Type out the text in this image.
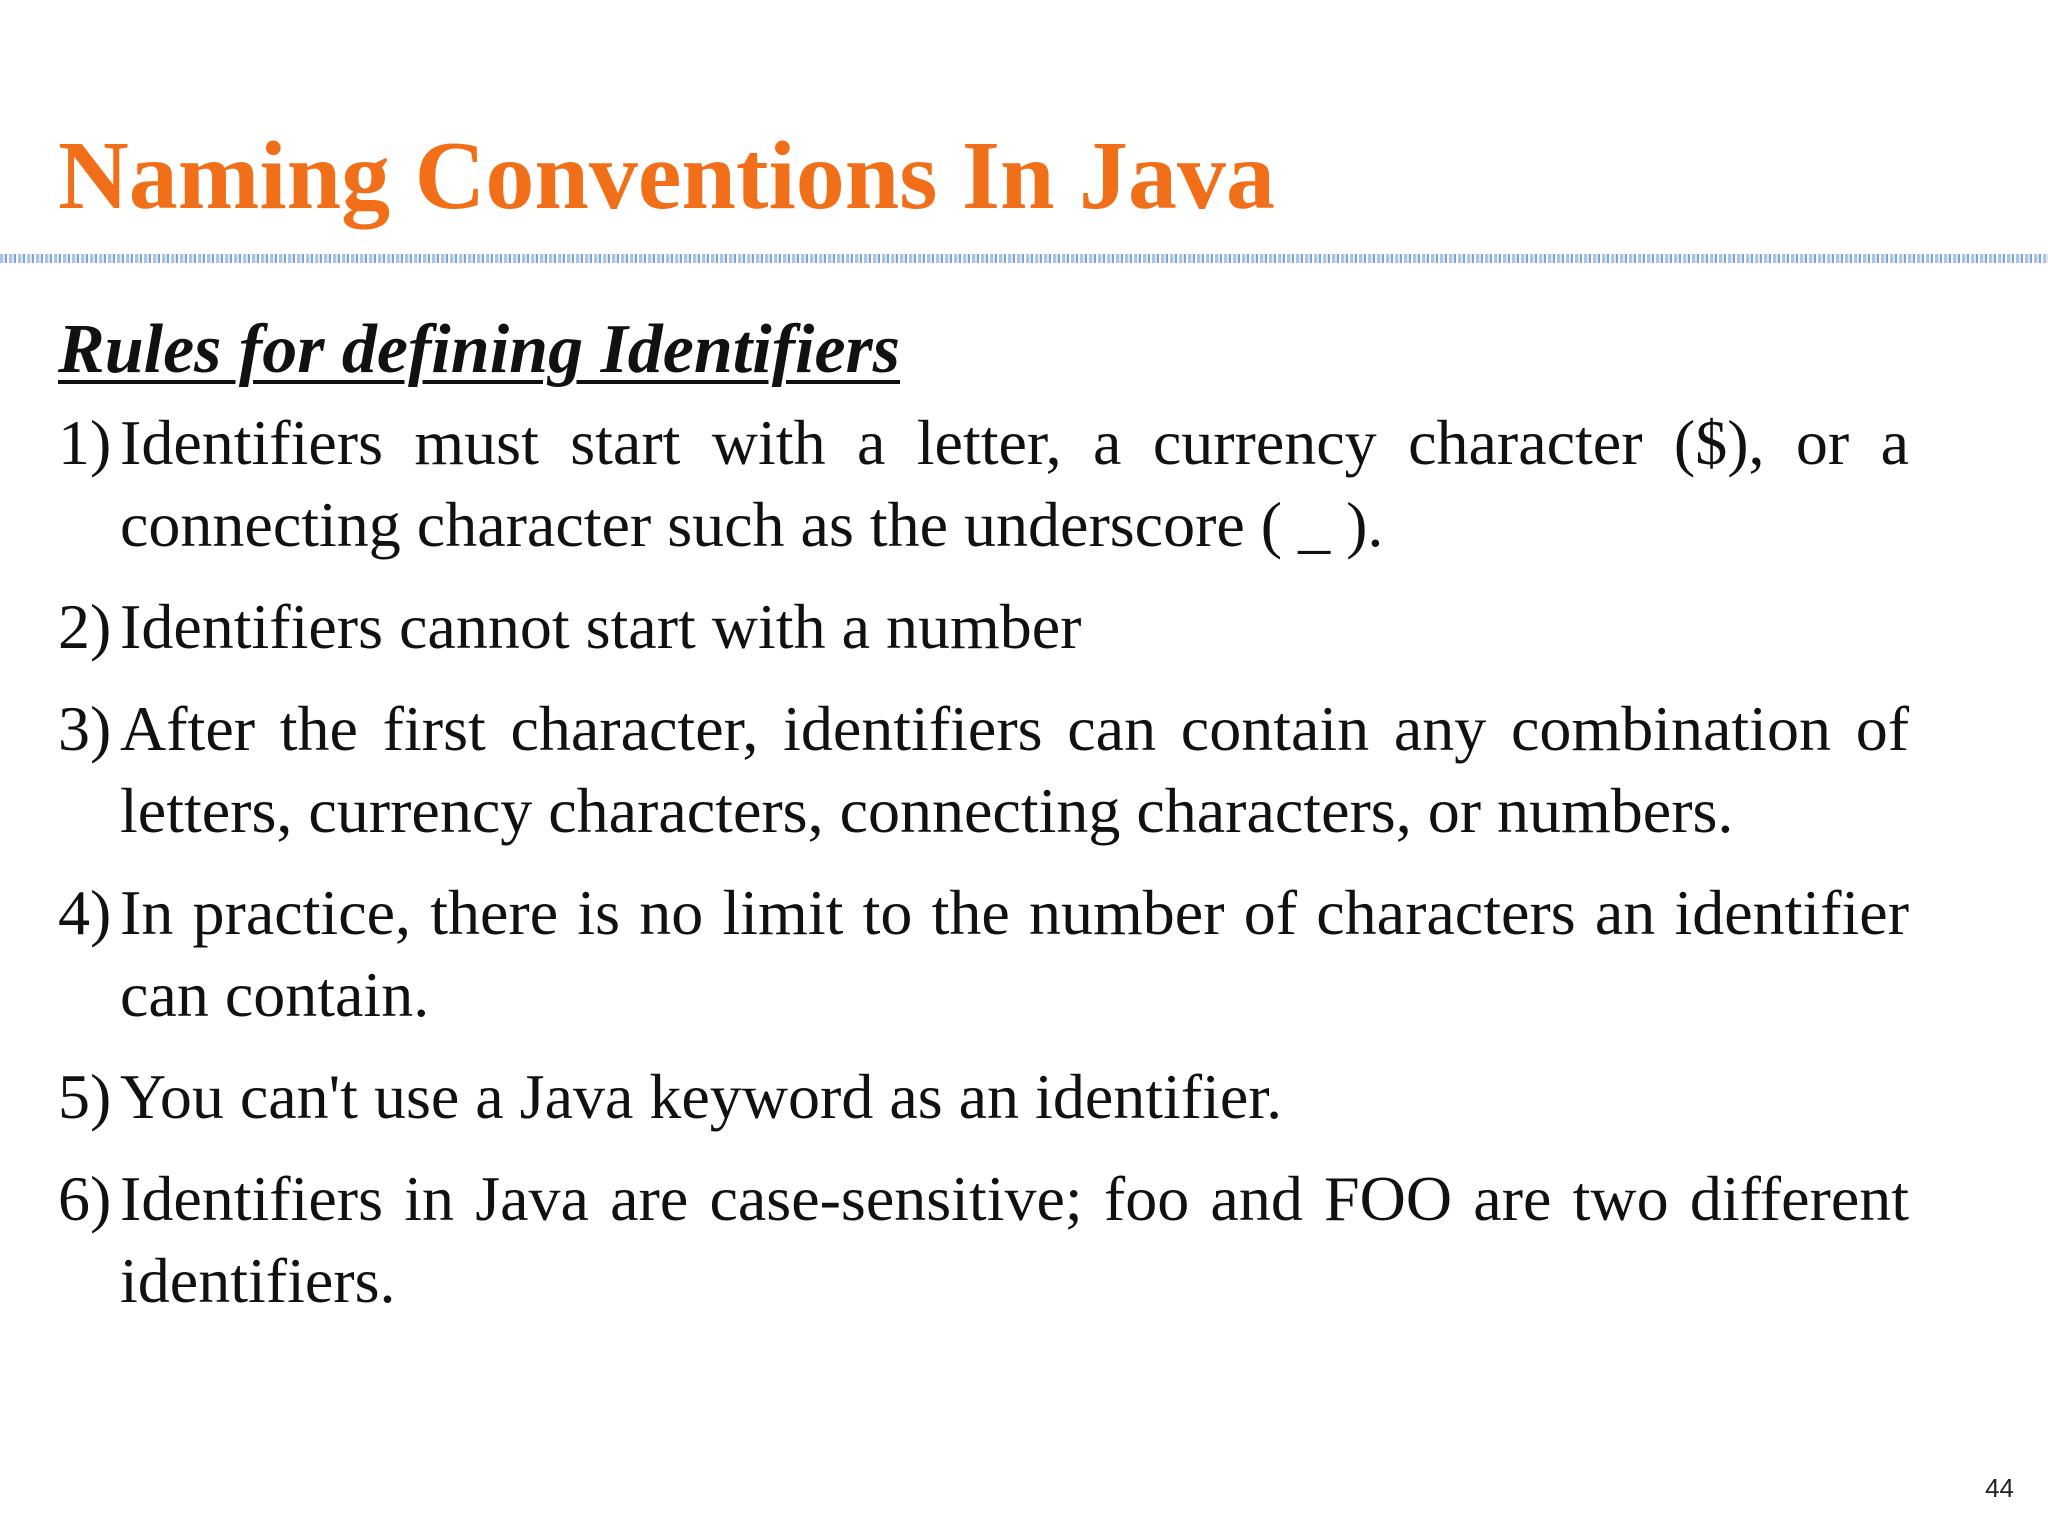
Naming Conventions In Java
Rules for defining Identifiers
1) Identifiers must start with a letter, a currency character ($), or a connecting character such as the underscore ( _ ).
2) Identifiers cannot start with a number
3) After the first character, identifiers can contain any combination of letters, currency characters, connecting characters, or numbers.
4) In practice, there is no limit to the number of characters an identifier can contain.
5) You can't use a Java keyword as an identifier.
6) Identifiers in Java are case-sensitive; foo and FOO are two different identifiers.
44
